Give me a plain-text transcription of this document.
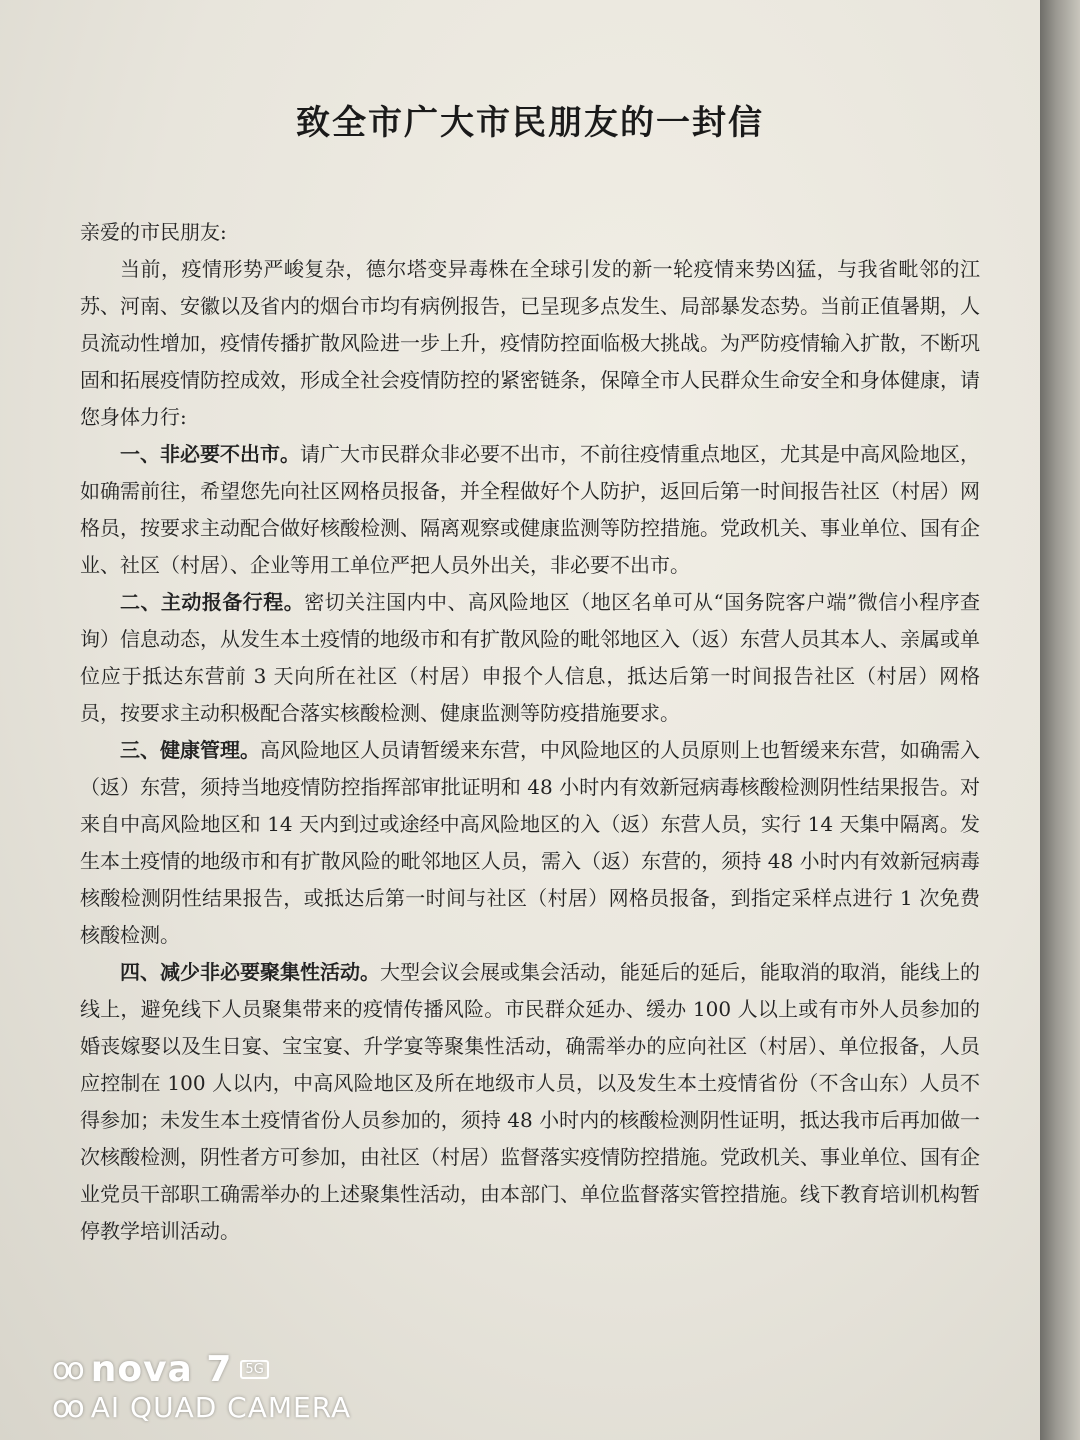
致全市广大市民朋友的一封信

亲爱的市民朋友:

当前，疫情形势严峻复杂，德尔塔变异毒株在全球引发的新一轮疫情来势凶猛，与我省毗邻的江苏、河南、安徽以及省内的烟台市均有病例报告，已呈现多点发生、局部暴发态势。当前正值暑期，人员流动性增加，疫情传播扩散风险进一步上升，疫情防控面临极大挑战。为严防疫情输入扩散，不断巩固和拓展疫情防控成效，形成全社会疫情防控的紧密链条，保障全市人民群众生命安全和身体健康，请您身体力行:

一、非必要不出市。请广大市民群众非必要不出市，不前往疫情重点地区，尤其是中高风险地区，如确需前往，希望您先向社区网格员报备，并全程做好个人防护，返回后第一时间报告社区（村居）网格员，按要求主动配合做好核酸检测、隔离观察或健康监测等防控措施。党政机关、事业单位、国有企业、社区（村居）、企业等用工单位严把人员外出关，非必要不出市。

二、主动报备行程。密切关注国内中、高风险地区（地区名单可从“国务院客户端”微信小程序查询）信息动态，从发生本土疫情的地级市和有扩散风险的毗邻地区入（返）东营人员其本人、亲属或单位应于抵达东营前 3 天向所在社区（村居）申报个人信息，抵达后第一时间报告社区（村居）网格员，按要求主动积极配合落实核酸检测、健康监测等防疫措施要求。

三、健康管理。高风险地区人员请暂缓来东营，中风险地区的人员原则上也暂缓来东营，如确需入（返）东营，须持当地疫情防控指挥部审批证明和 48 小时内有效新冠病毒核酸检测阴性结果报告。对来自中高风险地区和 14 天内到过或途经中高风险地区的入（返）东营人员，实行 14 天集中隔离。发生本土疫情的地级市和有扩散风险的毗邻地区人员，需入（返）东营的，须持 48 小时内有效新冠病毒核酸检测阴性结果报告，或抵达后第一时间与社区（村居）网格员报备，到指定采样点进行 1 次免费核酸检测。

四、减少非必要聚集性活动。大型会议会展或集会活动，能延后的延后，能取消的取消，能线上的线上，避免线下人员聚集带来的疫情传播风险。市民群众延办、缓办 100 人以上或有市外人员参加的婚丧嫁娶以及生日宴、宝宝宴、升学宴等聚集性活动，确需举办的应向社区（村居）、单位报备，人员应控制在 100 人以内，中高风险地区及所在地级市人员，以及发生本土疫情省份（不含山东）人员不得参加；未发生本土疫情省份人员参加的，须持 48 小时内的核酸检测阴性证明，抵达我市后再加做一次核酸检测，阴性者方可参加，由社区（村居）监督落实疫情防控措施。党政机关、事业单位、国有企业党员干部职工确需举办的上述聚集性活动，由本部门、单位监督落实管控措施。线下教育培训机构暂停教学培训活动。

oo nova 7	5G
oo AI QUAD CAMERA
